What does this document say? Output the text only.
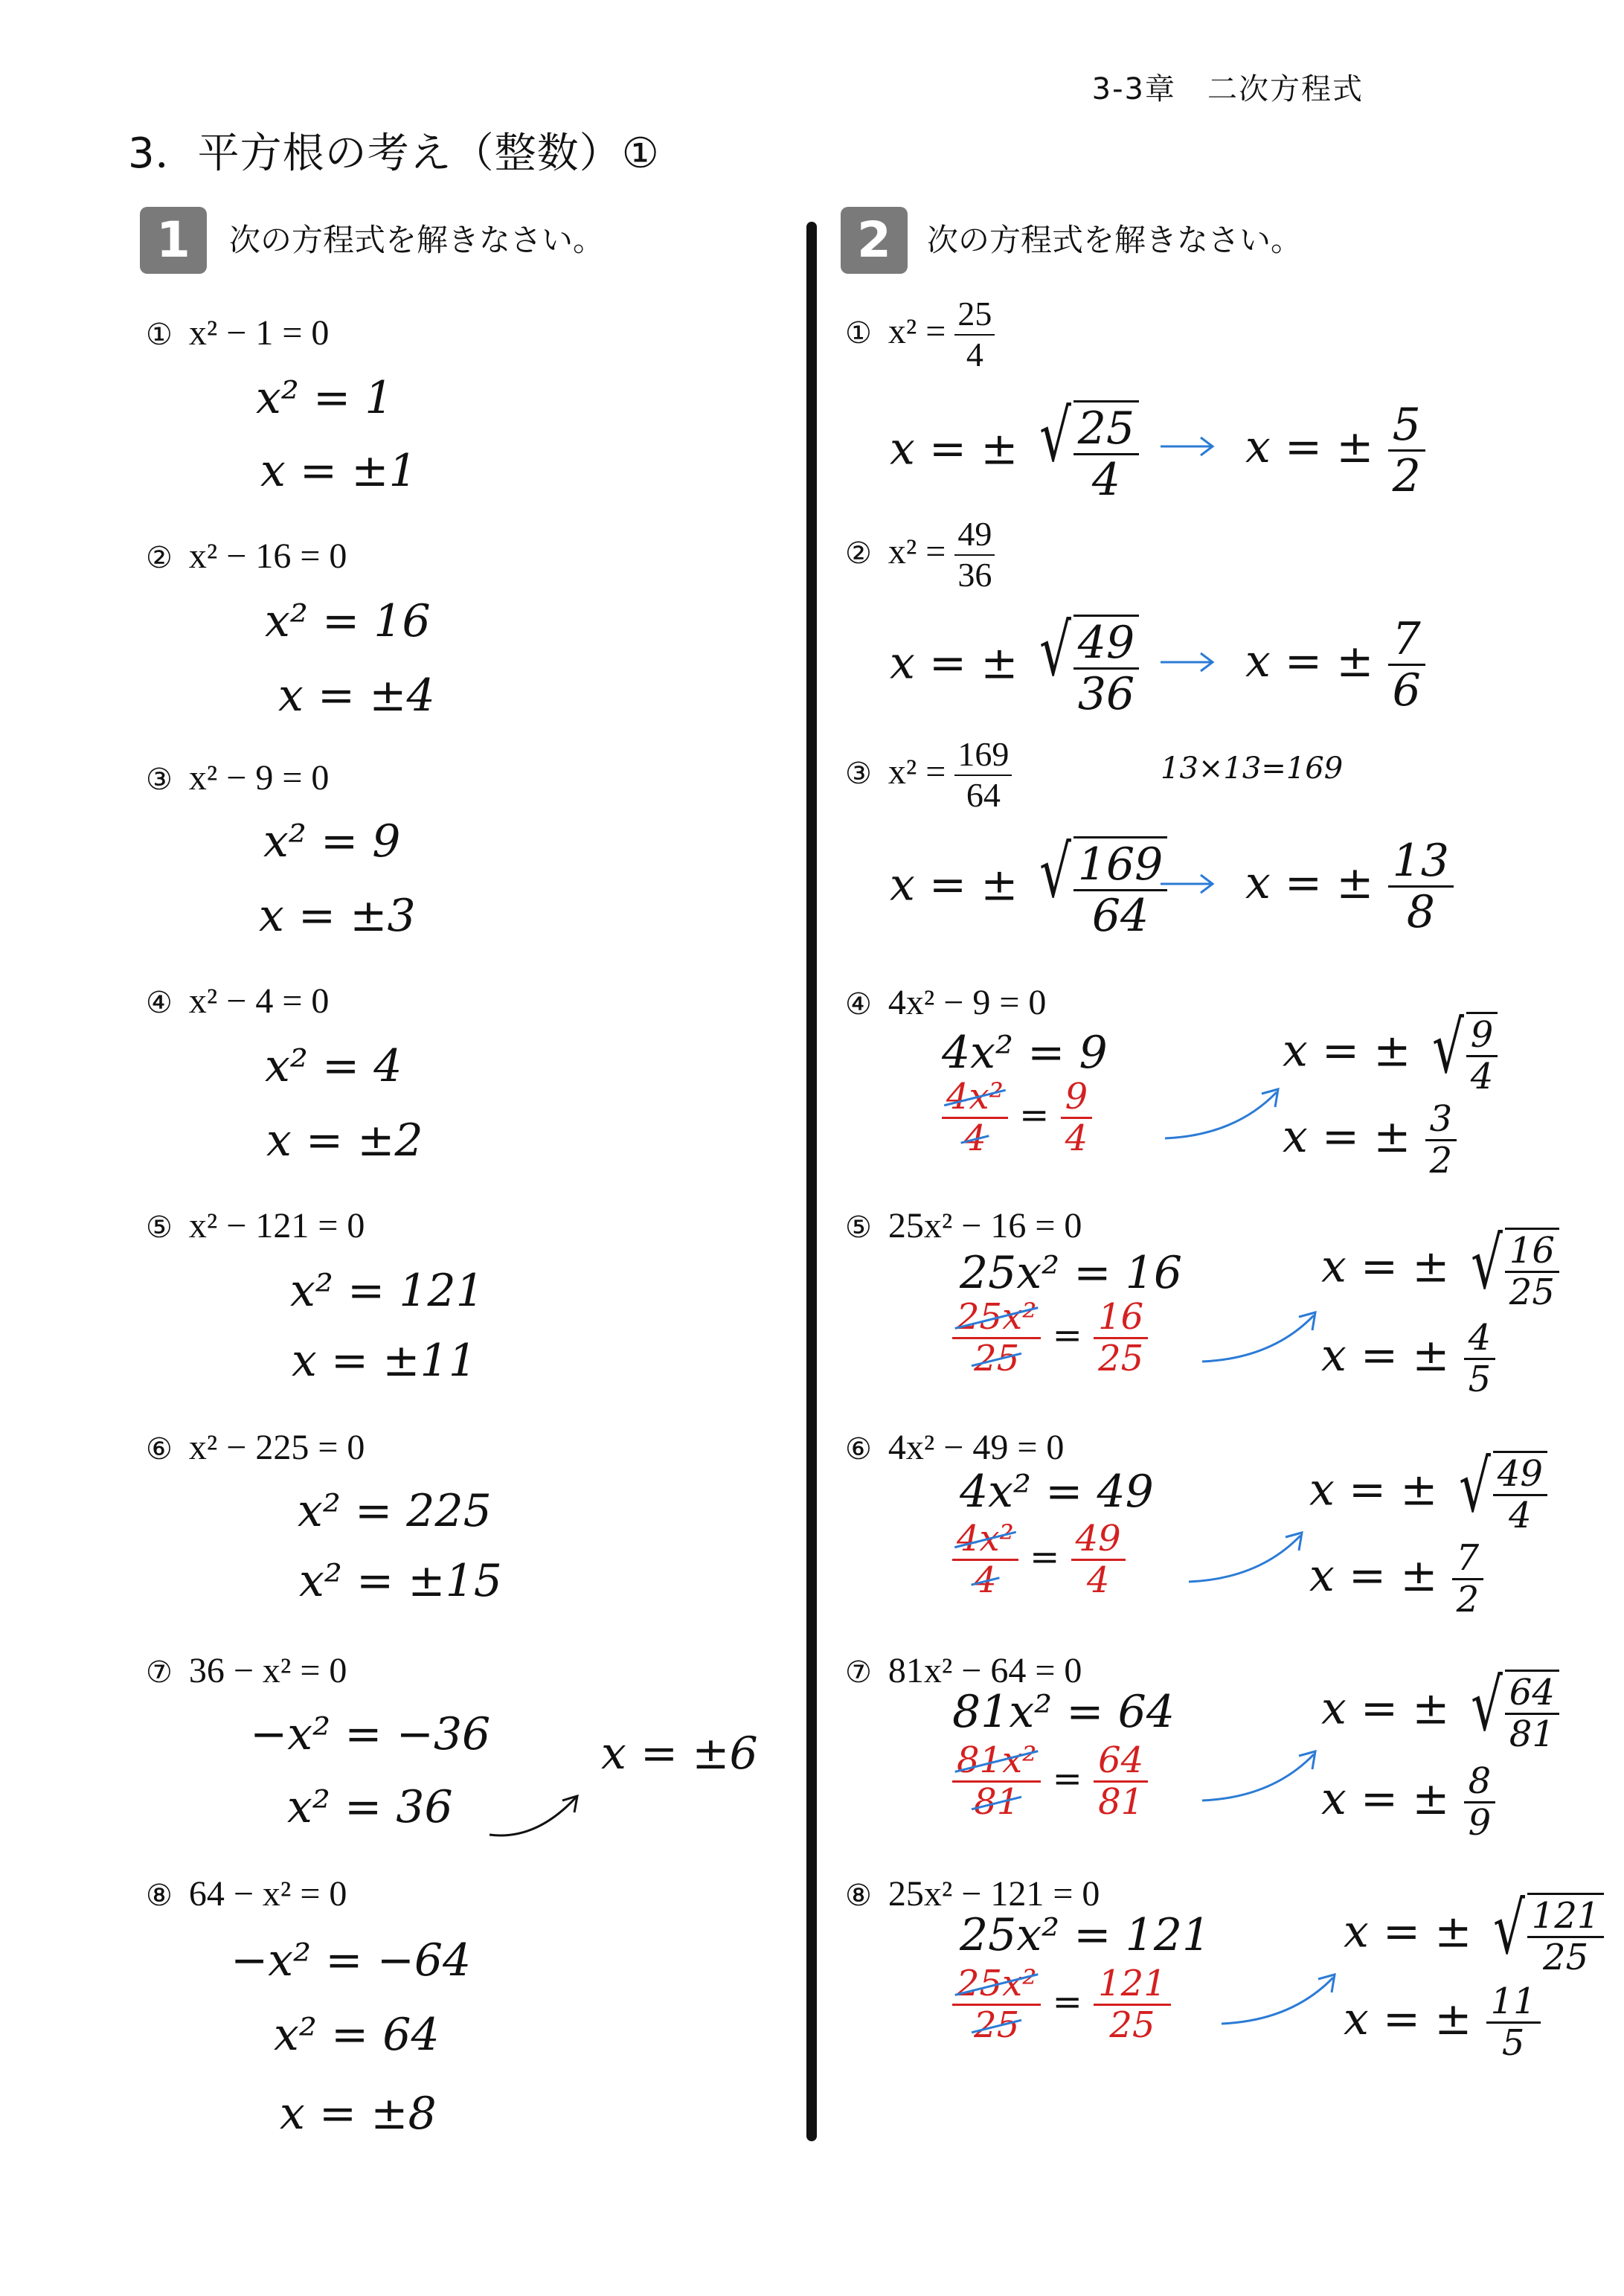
3-3章　二次方程式
3．平方根の考え（整数）①
1	次の方程式を解きなさい。	2	次の方程式を解きなさい。
① x² − 1 = 0
x² = 1
x = ±1
② x² − 16 = 0
x² = 16
x = ±4
③ x² − 9 = 0
x² = 9
x = ±3
④ x² − 4 = 0
x² = 4
x = ±2
⑤ x² − 121 = 0
x² = 121
x = ±11
⑥ x² − 225 = 0
x² = 225
x² = ±15
⑦ 36 − x² = 0
−x² = −36
x² = 36
x = ±6
⑧ 64 − x² = 0
−x² = −64
x² = 64
x = ±8
① $x^2 = \frac{25}{4}$
x = ± √ $\frac{25}{4}$ x = ± $\frac{5}{2}$
② $x^2 = \frac{49}{36}$
x = ± √ $\frac{49}{36}$ x = ± $\frac{7}{6}$
③ $x^2 = \frac{169}{64}$	13×13=169
x = ± √ $\frac{169}{64}$ x = ± $\frac{13}{8}$
④ 4x² − 9 = 0
4x² = 9
$\frac{\text{4x²}}{4} = \frac{9}{4}$
x = ± √ $\frac{9}{4}$
x = ± $\frac{3}{2}$
⑤ 25x² − 16 = 0
25x² = 16
$\frac{\text{25x²}}{25} = \frac{16}{25}$
x = ± √ $\frac{16}{25}$
x = ± $\frac{4}{5}$
⑥ 4x² − 49 = 0
4x² = 49
$\frac{\text{4x²}}{4} = \frac{49}{4}$
x = ± √ $\frac{49}{4}$
x = ± $\frac{7}{2}$
⑦ 81x² − 64 = 0
81x² = 64
$\frac{\text{81x²}}{81} = \frac{64}{81}$
x = ± √ $\frac{64}{81}$
x = ± $\frac{8}{9}$
⑧ 25x² − 121 = 0
25x² = 121
$\frac{\text{25x²}}{25} = \frac{121}{25}$
x = ± √ $\frac{121}{25}$
x = ± $\frac{11}{5}$
